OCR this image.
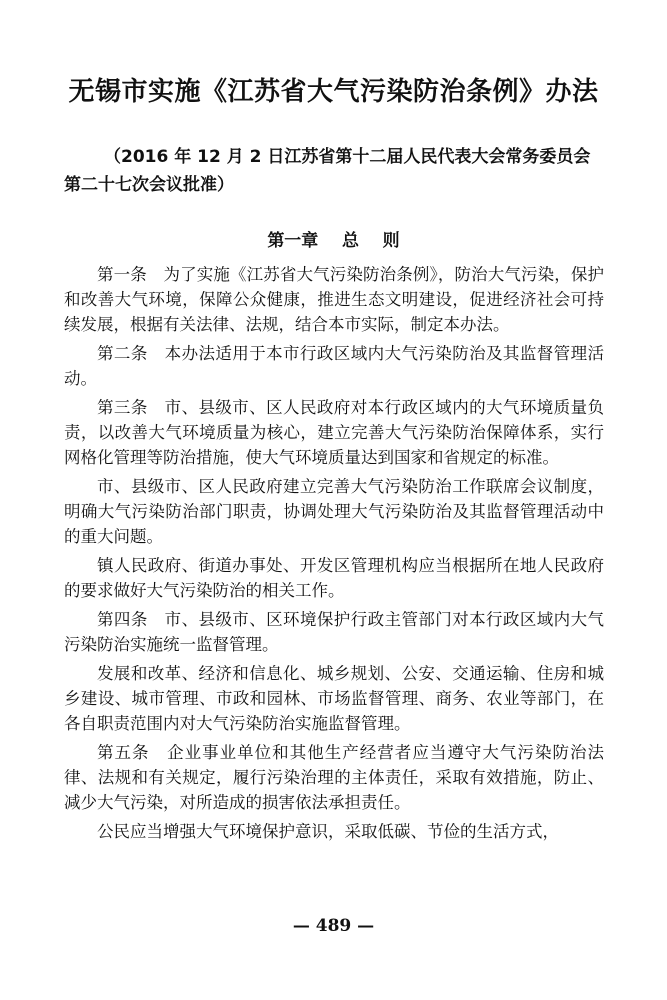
无锡市实施《江苏省大气污染防治条例》办法
（2016 年 12 月 2 日江苏省第十二届人民代表大会常务委员会
第二十七次会议批准）
第一章    总    则

第一条　为了实施《江苏省大气污染防治条例》，防治大气污染，保护和改善大气环境，保障公众健康，推进生态文明建设，促进经济社会可持续发展，根据有关法律、法规，结合本市实际，制定本办法。

第二条　本办法适用于本市行政区域内大气污染防治及其监督管理活动。

第三条　市、县级市、区人民政府对本行政区域内的大气环境质量负责，以改善大气环境质量为核心，建立完善大气污染防治保障体系，实行网格化管理等防治措施，使大气环境质量达到国家和省规定的标准。

市、县级市、区人民政府建立完善大气污染防治工作联席会议制度，明确大气污染防治部门职责，协调处理大气污染防治及其监督管理活动中的重大问题。

镇人民政府、街道办事处、开发区管理机构应当根据所在地人民政府的要求做好大气污染防治的相关工作。

第四条　市、县级市、区环境保护行政主管部门对本行政区域内大气污染防治实施统一监督管理。

发展和改革、经济和信息化、城乡规划、公安、交通运输、住房和城乡建设、城市管理、市政和园林、市场监督管理、商务、农业等部门，在各自职责范围内对大气污染防治实施监督管理。

第五条　企业事业单位和其他生产经营者应当遵守大气污染防治法律、法规和有关规定，履行污染治理的主体责任，采取有效措施，防止、减少大气污染，对所造成的损害依法承担责任。

公民应当增强大气环境保护意识，采取低碳、节俭的生活方式，

— 489 —
